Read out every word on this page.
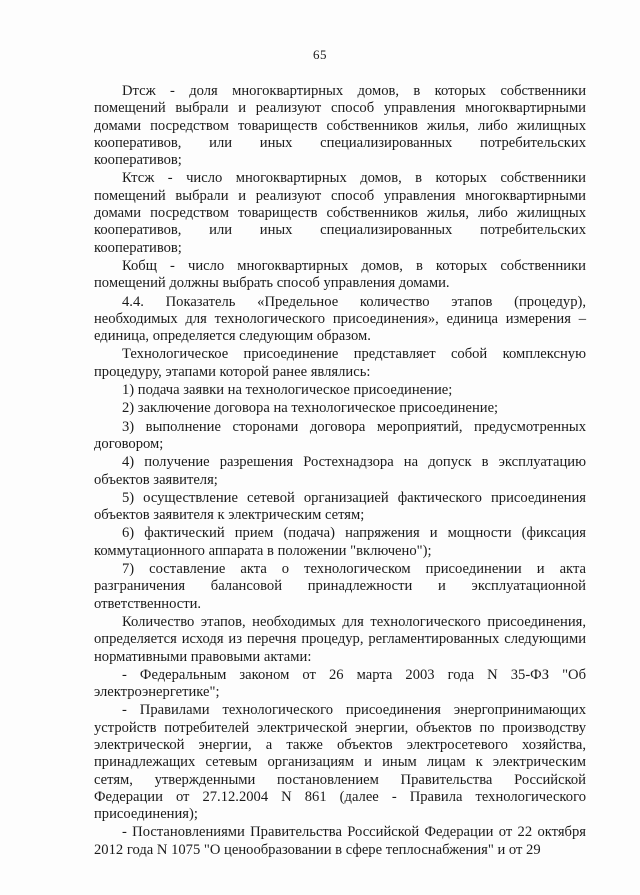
65
Dтсж - доля многоквартирных домов, в которых собственники
помещений выбрали и реализуют способ управления многоквартирными
домами посредством товариществ собственников жилья, либо жилищных
кооперативов, или иных специализированных потребительских
кооперативов;
Ктсж - число многоквартирных домов, в которых собственники
помещений выбрали и реализуют способ управления многоквартирными
домами посредством товариществ собственников жилья, либо жилищных
кооперативов, или иных специализированных потребительских
кооперативов;
Кобщ - число многоквартирных домов, в которых собственники
помещений должны выбрать способ управления домами.
4.4. Показатель «Предельное количество этапов (процедур),
необходимых для технологического присоединения», единица измерения –
единица, определяется следующим образом.
Технологическое присоединение представляет собой комплексную
процедуру, этапами которой ранее являлись:
1) подача заявки на технологическое присоединение;
2) заключение договора на технологическое присоединение;
3) выполнение сторонами договора мероприятий, предусмотренных
договором;
4) получение разрешения Ростехнадзора на допуск в эксплуатацию
объектов заявителя;
5) осуществление сетевой организацией фактического присоединения
объектов заявителя к электрическим сетям;
6) фактический прием (подача) напряжения и мощности (фиксация
коммутационного аппарата в положении "включено");
7) составление акта о технологическом присоединении и акта
разграничения балансовой принадлежности и эксплуатационной
ответственности.
Количество этапов, необходимых для технологического присоединения,
определяется исходя из перечня процедур, регламентированных следующими
нормативными правовыми актами:
- Федеральным законом от 26 марта 2003 года N 35-ФЗ "Об
электроэнергетике";
- Правилами технологического присоединения энергопринимающих
устройств потребителей электрической энергии, объектов по производству
электрической энергии, а также объектов электросетевого хозяйства,
принадлежащих сетевым организациям и иным лицам к электрическим
сетям, утвержденными постановлением Правительства Российской
Федерации от 27.12.2004 N 861 (далее - Правила технологического
присоединения);
- Постановлениями Правительства Российской Федерации от 22 октября
2012 года N 1075 "О ценообразовании в сфере теплоснабжения" и от 29
